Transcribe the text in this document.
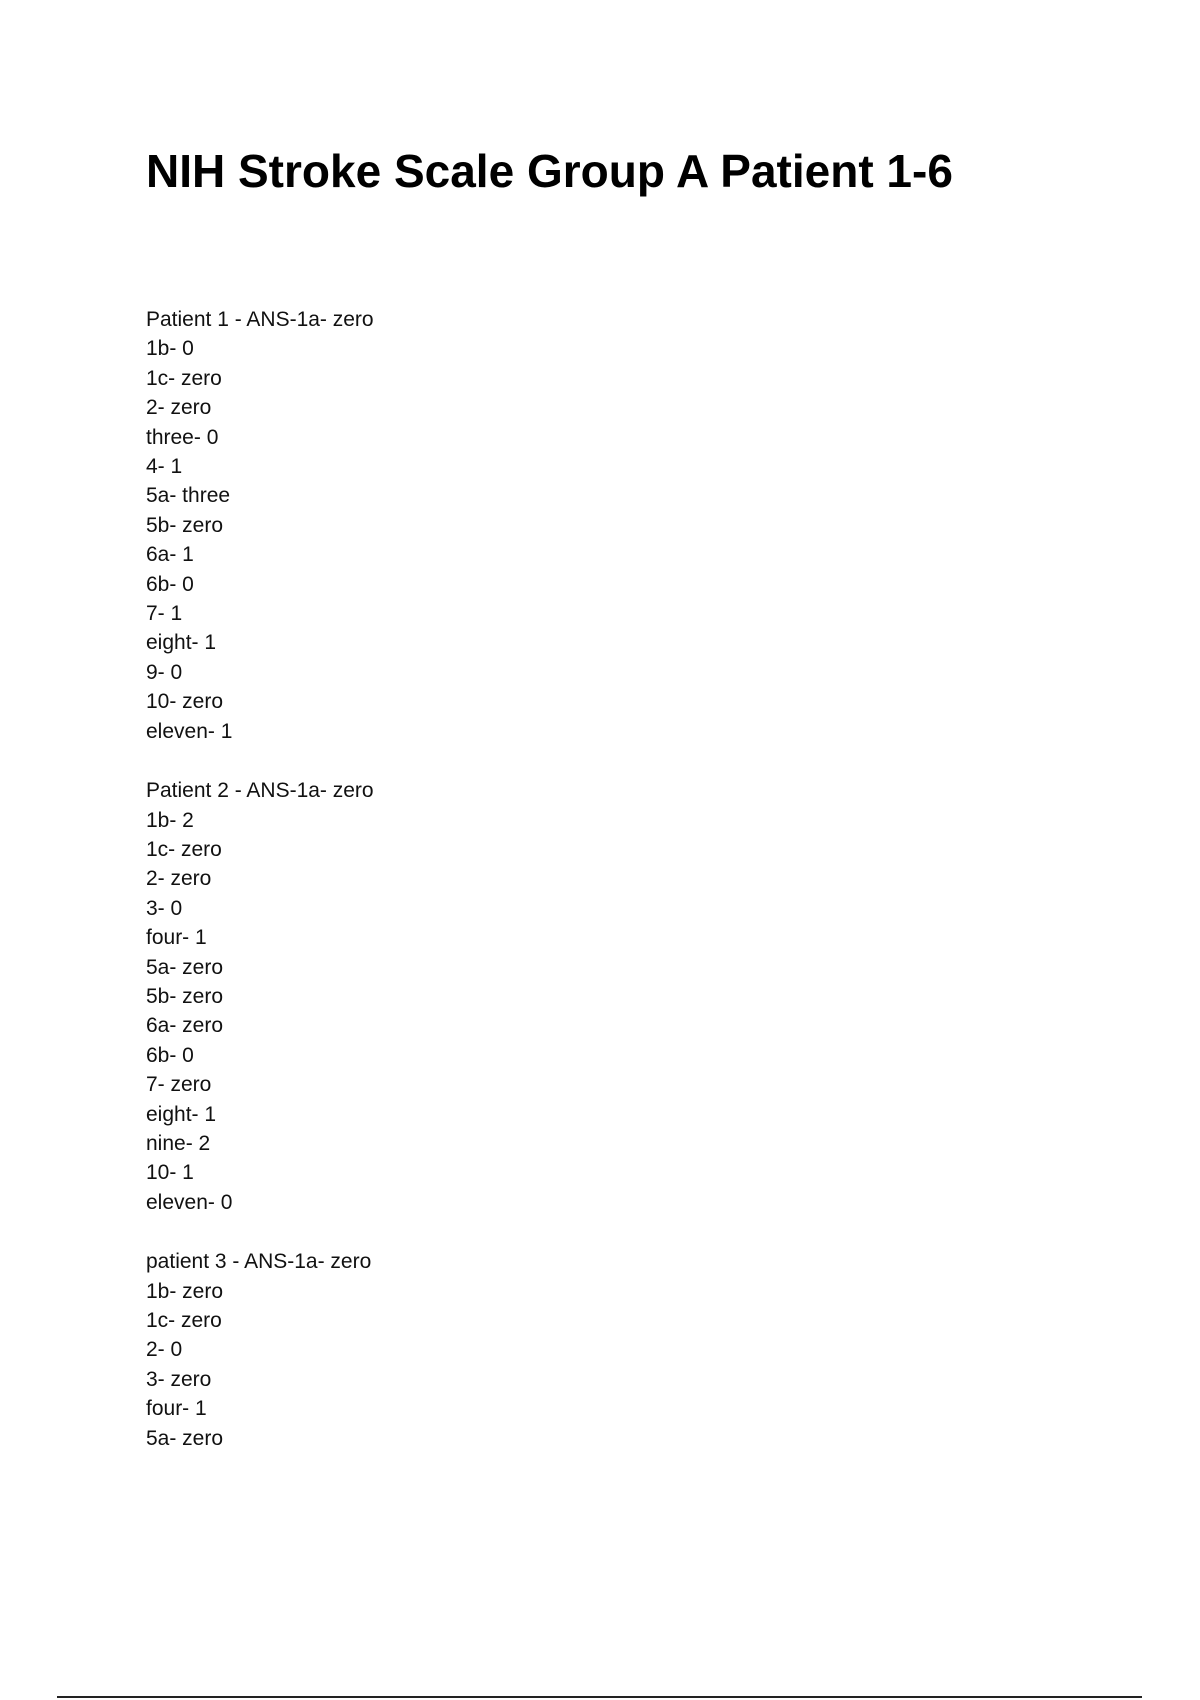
NIH Stroke Scale Group A Patient 1-6
Patient 1 - ANS-1a- zero
1b- 0
1c- zero
2- zero
three- 0
4- 1
5a- three
5b- zero
6a- 1
6b- 0
7- 1
eight- 1
9- 0
10- zero
eleven- 1
Patient 2 - ANS-1a- zero
1b- 2
1c- zero
2- zero
3- 0
four- 1
5a- zero
5b- zero
6a- zero
6b- 0
7- zero
eight- 1
nine- 2
10- 1
eleven- 0
patient 3 - ANS-1a- zero
1b- zero
1c- zero
2- 0
3- zero
four- 1
5a- zero
